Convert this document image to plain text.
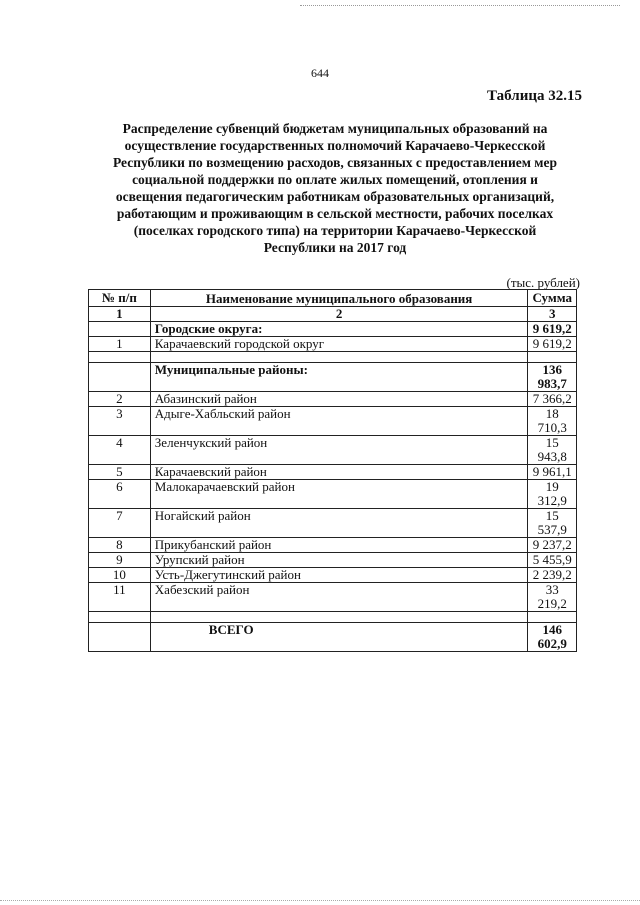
644
Таблица 32.15
Распределение субвенций бюджетам муниципальных образований на
осуществление государственных полномочий Карачаево-Черкесской
Республики по возмещению расходов, связанных с предоставлением мер
социальной поддержки по оплате жилых помещений, отопления и
освещения педагогическим работникам образовательных организаций,
работающим и проживающим в сельской местности, рабочих поселках
(поселках городского типа) на территории Карачаево-Черкесской
Республики на 2017 год
(тыс. рублей)
№ п/п	Наименование муниципального образования	Сумма
1	2	3
	Городские округа:	9 619,2
1	Карачаевский городской округ	9 619,2

	Муниципальные районы:	136 983,7
2	Абазинский район	7 366,2
3	Адыге-Хабльский район	18 710,3
4	Зеленчукский район	15 943,8
5	Карачаевский район	9 961,1
6	Малокарачаевский район	19 312,9
7	Ногайский район	15 537,9
8	Прикубанский район	9 237,2
9	Урупский район	5 455,9
10	Усть-Джегутинский район	2 239,2
11	Хабезский район	33 219,2

	ВСЕГО	146 602,9
